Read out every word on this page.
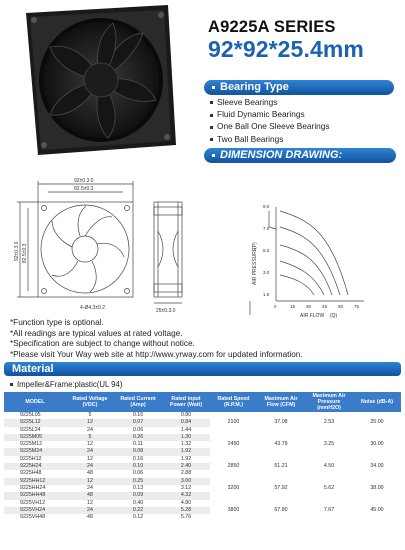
A9225A SERIES
92*92*25.4mm
Bearing Type
Sleeve Bearings
Fluid Dynamic Bearings
One Ball One Sleeve Bearings
Two Ball Bearings
DIMENSION DRAWING:
92±0.3.0
82.5±0.3
92±0.3.0 82.5±0.3
4-Ø4.3±0.2	25±0.3.0
9.0
7.0
5.0
3.0
1.0
0	15 30 45 60 75
AIR PRESSURE
(P)
AIR FLOW (Q)
*Function type is optional.
*All readings are typical values at rated voltage.
*Specification are subject to change without notice.
*Please visit Your Way web site at http://www.yrway.com for updated information.
Material
Impeller&Frame:plastic(UL 94)
MODEL	Rated Voltage (VDC)	Rated Current (Amp)	Rated input Power (Watt)	Rated Speed (R.P.M.)	Maximum Air Flow (CFM)	Maximum Air Pressure (mmH2O)	Noise (dB-A)
9225L05	5	0.16	0.80	2100	37.08	2.53	25.00
9225L12	12	0.07	0.84				
9225L24	24	0.06	1.44				
9225M05	5	0.26	1.30	2450	43.79	3.25	30.00
9225M12	12	0.11	1.32				
9225M24	24	0.08	1.92				
9225H12	12	0.16	1.92	2850	51.21	4.50	34.00
9225H24	24	0.10	2.40				
9225H48	48	0.06	2.88				
9225HH12	12	0.25	3.00	3200	57.92	5.62	38.00
9225HH24	24	0.13	3.12				
9225HH48	48	0.09	4.32				
9225VH12	12	0.40	4.80	3800	67.80	7.67	45.00
9225VH24	24	0.22	5.28				
9225VH48	48	0.12	5.76				
